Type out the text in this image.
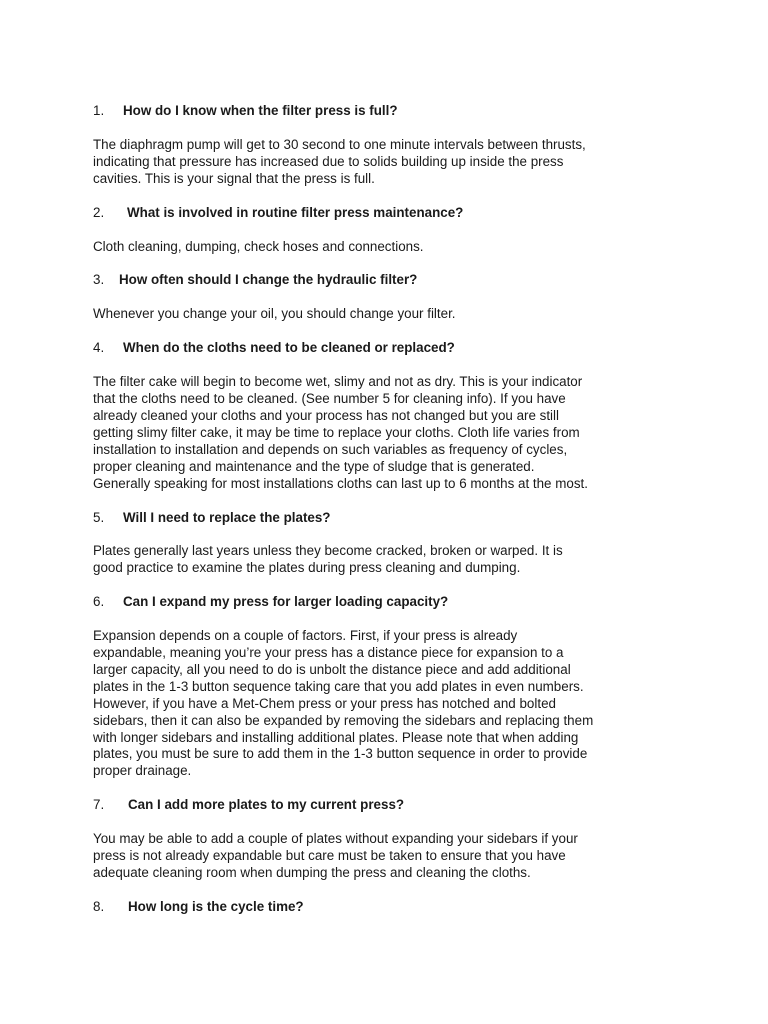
1. How do I know when the filter press is full?
The diaphragm pump will get to 30 second to one minute intervals between thrusts,
indicating that pressure has increased due to solids building up inside the press
cavities. This is your signal that the press is full.
2. What is involved in routine filter press maintenance?
Cloth cleaning, dumping, check hoses and connections.
3. How often should I change the hydraulic filter?
Whenever you change your oil, you should change your filter.
4. When do the cloths need to be cleaned or replaced?
The filter cake will begin to become wet, slimy and not as dry. This is your indicator
that the cloths need to be cleaned. (See number 5 for cleaning info). If you have
already cleaned your cloths and your process has not changed but you are still
getting slimy filter cake, it may be time to replace your cloths. Cloth life varies from
installation to installation and depends on such variables as frequency of cycles,
proper cleaning and maintenance and the type of sludge that is generated.
Generally speaking for most installations cloths can last up to 6 months at the most.
5. Will I need to replace the plates?
Plates generally last years unless they become cracked, broken or warped. It is
good practice to examine the plates during press cleaning and dumping.
6. Can I expand my press for larger loading capacity?
Expansion depends on a couple of factors. First, if your press is already
expandable, meaning you’re your press has a distance piece for expansion to a
larger capacity, all you need to do is unbolt the distance piece and add additional
plates in the 1-3 button sequence taking care that you add plates in even numbers.
However, if you have a Met-Chem press or your press has notched and bolted
sidebars, then it can also be expanded by removing the sidebars and replacing them
with longer sidebars and installing additional plates. Please note that when adding
plates, you must be sure to add them in the 1-3 button sequence in order to provide
proper drainage.
7. Can I add more plates to my current press?
You may be able to add a couple of plates without expanding your sidebars if your
press is not already expandable but care must be taken to ensure that you have
adequate cleaning room when dumping the press and cleaning the cloths.
8. How long is the cycle time?
